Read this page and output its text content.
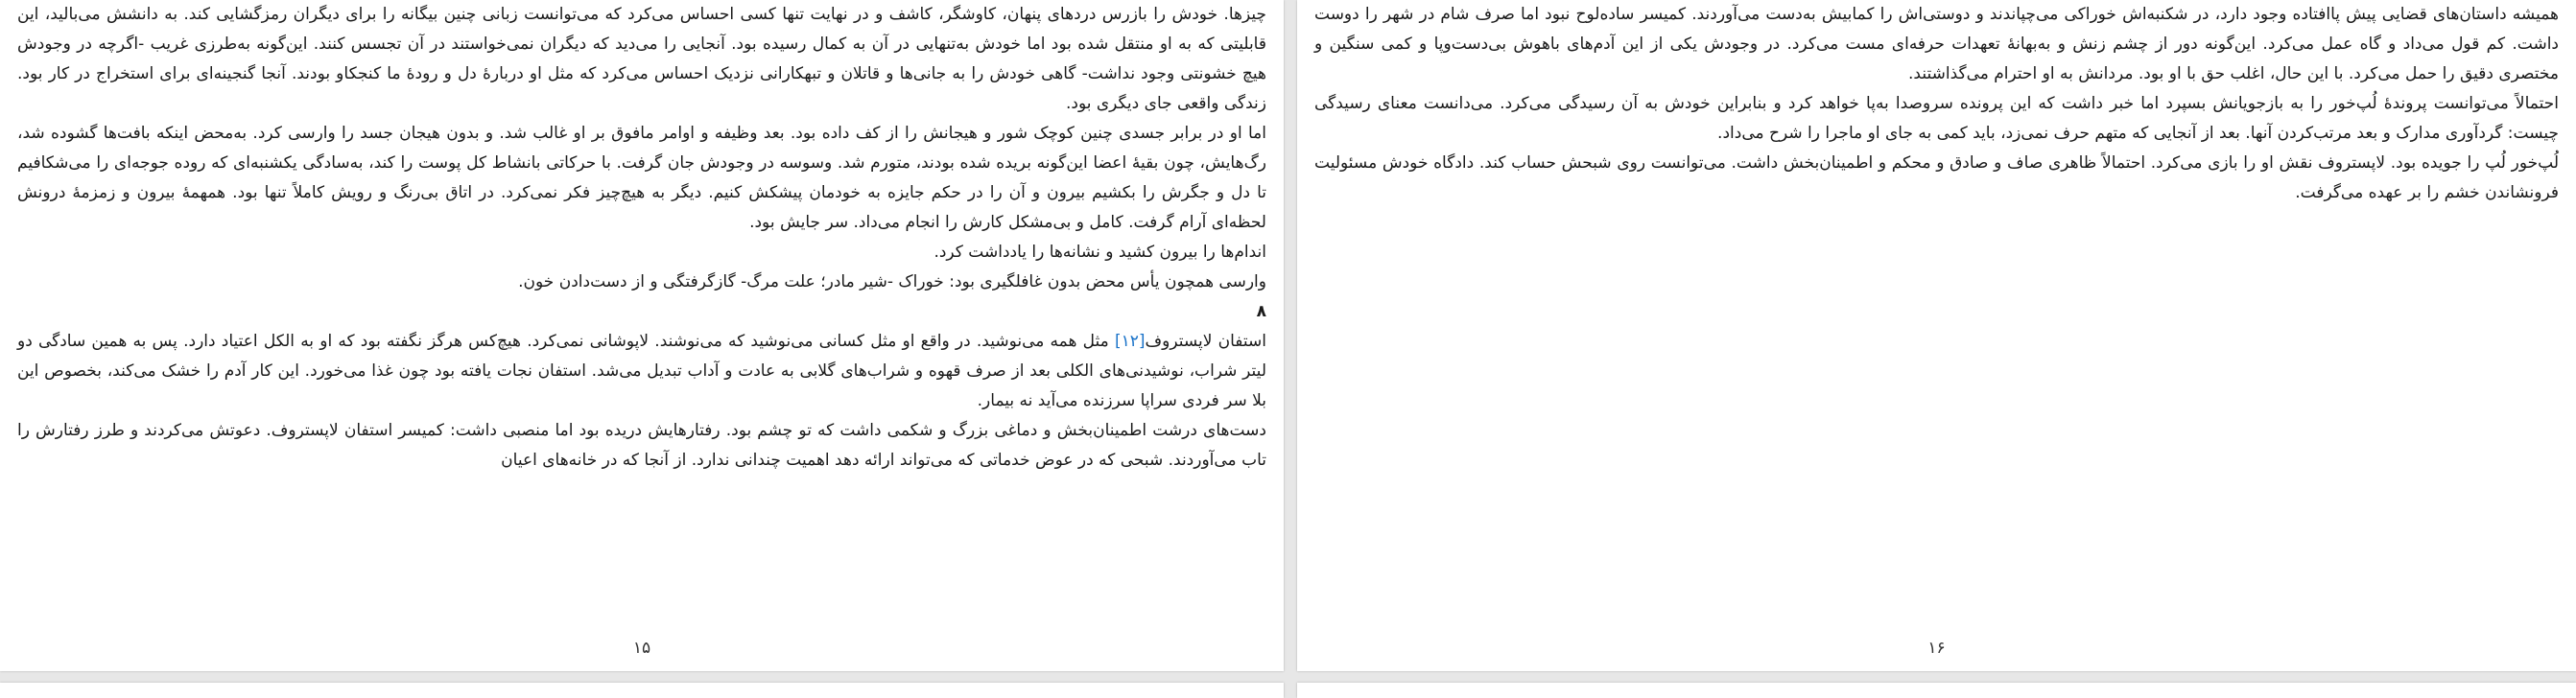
چیزها. خودش را بازرس دردهای پنهان، کاوشگر، کاشف و در نهایت تنها کسی احساس می‌کرد که می‌توانست زبانی چنین بیگانه را برای دیگران رمزگشایی کند. به دانشش می‌بالید، این قابلیتی که به او منتقل شده بود اما خودش به‌تنهایی در آن به کمال رسیده بود. آنجایی را می‌دید که دیگران نمی‌خواستند در آن تجسس کنند. این‌گونه به‌طرزی غریب -اگرچه در وجودش هیچ خشونتی وجود نداشت- گاهی خودش را به جانی‌ها و قاتلان و تبهکارانی نزدیک احساس می‌کرد که مثل او دربارهٔ دل و رودهٔ ما کنجکاو بودند. آنجا گنجینه‌ای برای استخراج در کار بود. زندگی واقعی جای دیگری بود.

اما او در برابر جسدی چنین کوچک شور و هیجانش را از کف داده بود. بعد وظیفه و اوامر مافوق بر او غالب شد. و بدون هیجان جسد را وارسی کرد. به‌محض اینکه بافت‌ها گشوده شد، رگ‌هایش، چون بقیهٔ اعضا این‌گونه بریده شده بودند، متورم شد. وسوسه در وجودش جان گرفت. با حرکاتی بانشاط کل پوست را کند، به‌سادگی یکشنبه‌ای که روده جوجه‌ای را می‌شکافیم تا دل و جگرش را بکشیم بیرون و آن را در حکم جایزه به خودمان پیشکش کنیم. دیگر به هیچ‌چیز فکر نمی‌کرد. در اتاق بی‌رنگ و رویش کاملاً تنها بود. همهمهٔ بیرون و زمزمهٔ درونش لحظه‌ای آرام گرفت. کامل و بی‌مشکل کارش را انجام می‌داد. سر جایش بود.

اندام‌ها را بیرون کشید و نشانه‌ها را یادداشت کرد.

وارسی همچون یأس محض بدون غافلگیری بود: خوراک -شیر مادر؛ علت مرگ- گازگرفتگی و از دست‌دادن خون.

۸

استفان لاپستروف[۱۲] مثل همه می‌نوشید. در واقع او مثل کسانی می‌نوشید که می‌نوشند. لاپوشانی نمی‌کرد. هیچ‌کس هرگز نگفته بود که او به الکل اعتیاد دارد. پس به همین سادگی دو لیتر شراب، نوشیدنی‌های الکلی بعد از صرف قهوه و شراب‌های گلابی به عادت و آداب تبدیل می‌شد. استفان نجات یافته بود چون غذا می‌خورد. این کار آدم را خشک می‌کند، بخصوص این بلا سر فردی سراپا سرزنده می‌آید نه بیمار.

دست‌های درشت اطمینان‌بخش و دماغی بزرگ و شکمی داشت که تو چشم بود. رفتارهایش دریده بود اما منصبی داشت: کمیسر استفان لاپستروف. دعوتش می‌کردند و طرز رفتارش را تاب می‌آوردند. شبحی که در عوض خدماتی که می‌تواند ارائه دهد اهمیت چندانی ندارد. از آنجا که در خانه‌های اعیان

۱۵

همیشه داستان‌های قضایی پیش پاافتاده وجود دارد، در شکنبه‌اش خوراکی می‌چپاندند و دوستی‌اش را کمابیش به‌دست می‌آوردند. کمیسر ساده‌لوح نبود اما صرف شام در شهر را دوست داشت. کم قول می‌داد و گاه عمل می‌کرد. این‌گونه دور از چشم زنش و به‌بهانهٔ تعهدات حرفه‌ای مست می‌کرد. در وجودش یکی از این آدم‌های باهوش بی‌دست‌وپا و کمی سنگین و مختصری دقیق را حمل می‌کرد. با این حال، اغلب حق با او بود. مردانش به او احترام می‌گذاشتند.

احتمالاً می‌توانست پروندهٔ لُپ‌خور را به بازجویانش بسپرد اما خبر داشت که این پرونده سروصدا به‌پا خواهد کرد و بنابراین خودش به آن رسیدگی می‌کرد. می‌دانست معنای رسیدگی چیست: گردآوری مدارک و بعد مرتب‌کردن آنها. بعد از آنجایی که متهم حرف نمی‌زد، باید کمی به جای او ماجرا را شرح می‌داد.

لُپ‌خور لُپ را جویده بود. لاپستروف نقش او را بازی می‌کرد. احتمالاً ظاهری صاف و صادق و محکم و اطمینان‌بخش داشت. می‌توانست روی شبحش حساب کند. دادگاه خودش مسئولیت فرونشاندن خشم را بر عهده می‌گرفت.

۱۶
